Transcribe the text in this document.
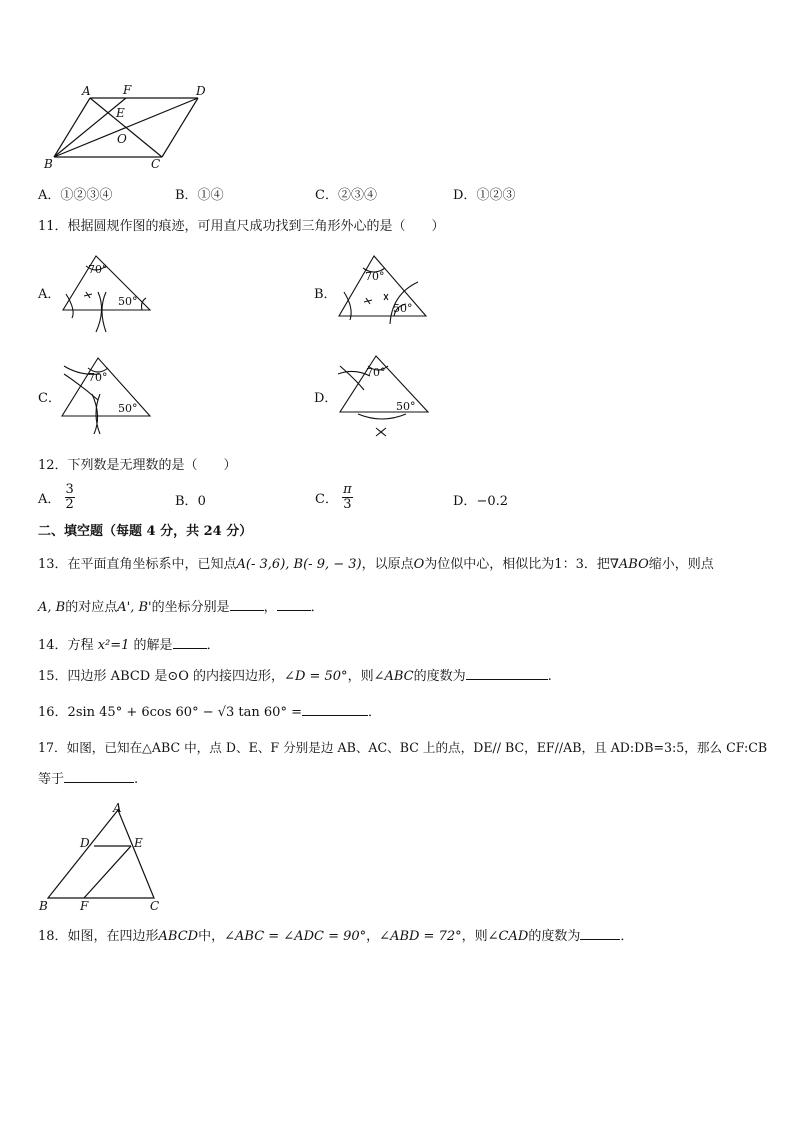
A	F	D
E
O
B	C
A．①②③④	B．①④	C．②③④	D．①②③
11．根据圆规作图的痕迹，可用直尺成功找到三角形外心的是（　　）
A．
70°
50°	B．
70°
50°
C．
70°
50°
D．
70°
50°
12．下列数是无理数的是（　　）
A． $\frac{3}{2}$	B．0	C． $\frac{\pi}{3}$	D．−0.2
二、填空题（每题 4 分，共 24 分）
13．在平面直角坐标系中，已知点A(- 3,6), B(- 9, − 3)，以原点O为位似中心，相似比为1：3．把∇ABO缩小，则点
A, B的对应点A', B'的坐标分别是	，	．
14．方程 x²=1 的解是	．
15．四边形 ABCD 是⊙O 的内接四边形，∠D = 50°，则∠ABC的度数为	.
16．2sin 45° + 6cos 60° − √3 tan 60° =	．
17．如图，已知在△ABC 中，点 D、E、F 分别是边 AB、AC、BC 上的点，DE// BC，EF//AB，且 AD:DB=3:5，那么 CF:CB
等于	.
A
D	E
B	F	C
18．如图，在四边形ABCD中，∠ABC = ∠ADC = 90°，∠ABD = 72°，则∠CAD的度数为	．
